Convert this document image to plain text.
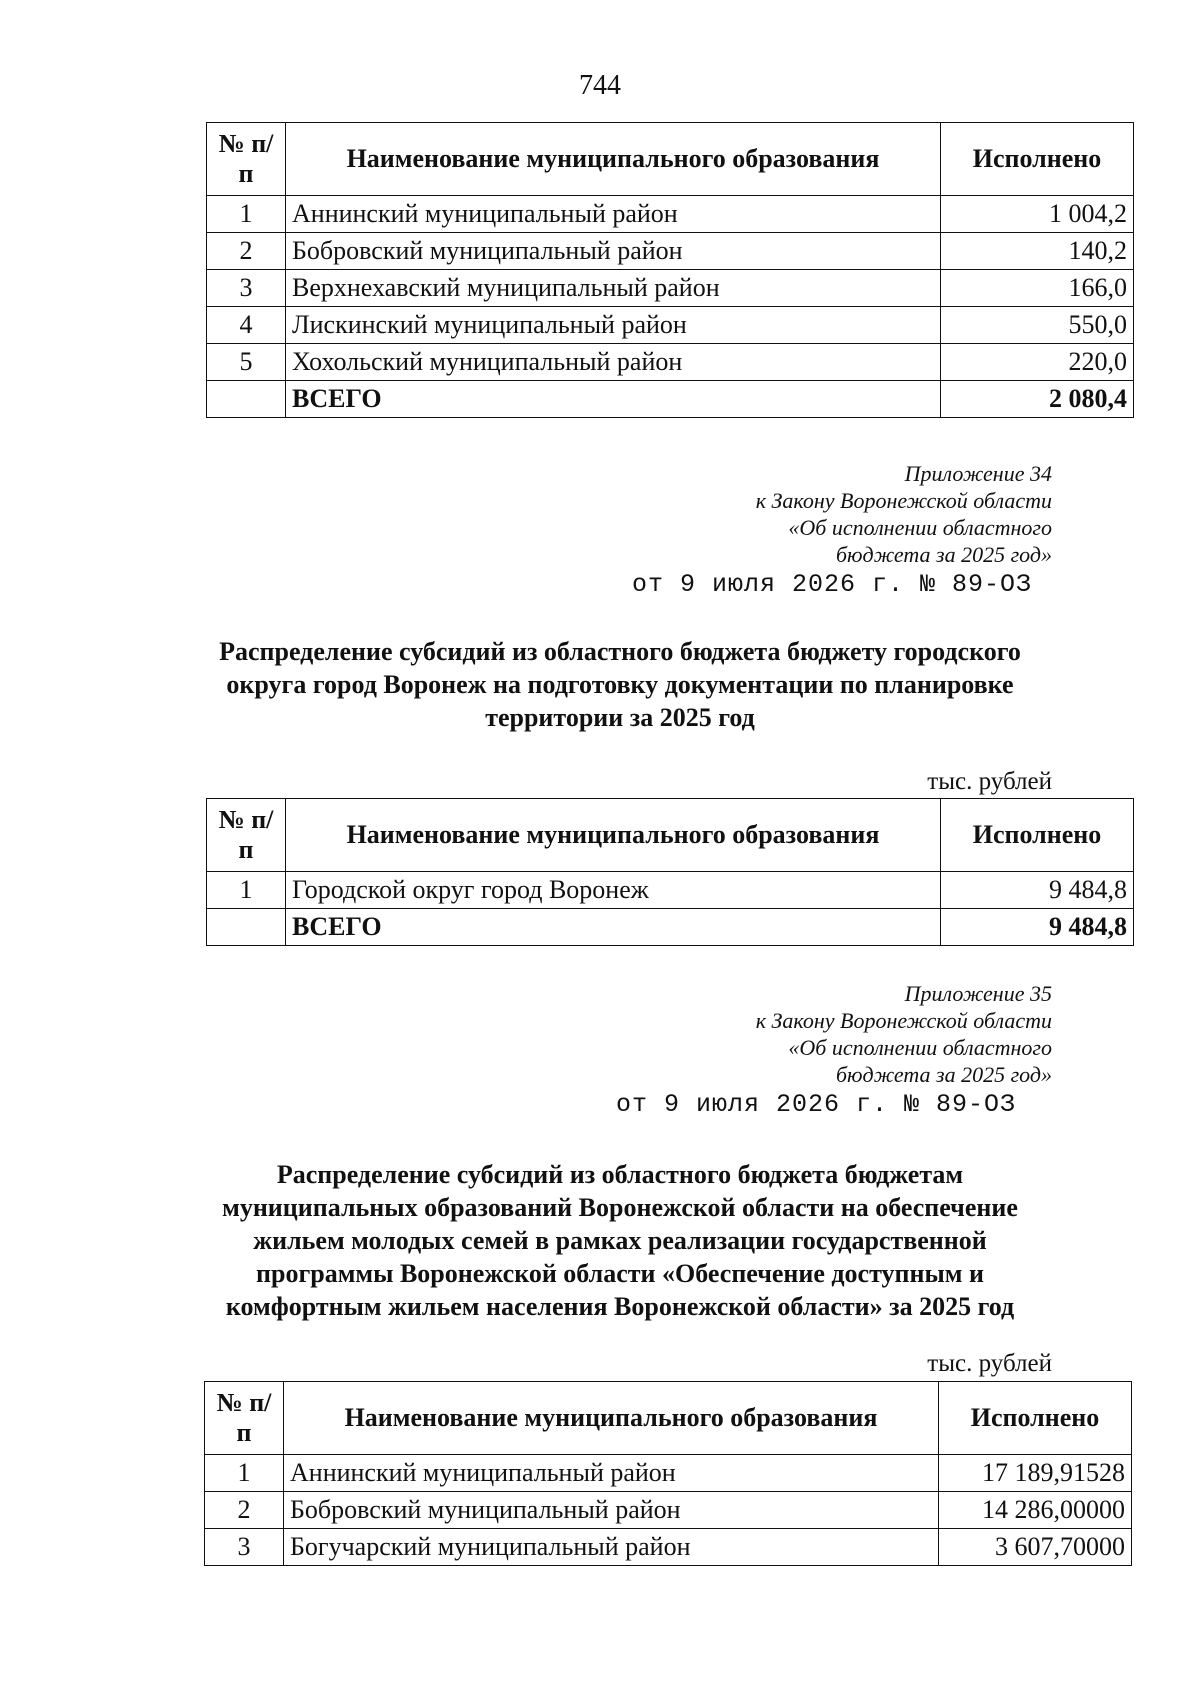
744
№ п/п	Наименование муниципального образования	Исполнено
1	Аннинский муниципальный район	1 004,2
2	Бобровский муниципальный район	140,2
3	Верхнехавский муниципальный район	166,0
4	Лискинский муниципальный район	550,0
5	Хохольский муниципальный район	220,0
	ВСЕГО	2 080,4
Приложение 34
к Закону Воронежской области
«Об исполнении областного
бюджета за 2025 год»
от 9 июля 2026 г. № 89-ОЗ
Распределение субсидий из областного бюджета бюджету городского
округа город Воронеж на подготовку документации по планировке
территории за 2025 год
тыс. рублей
№ п/п	Наименование муниципального образования	Исполнено
1	Городской округ город Воронеж	9 484,8
	ВСЕГО	9 484,8
Приложение 35
к Закону Воронежской области
«Об исполнении областного
бюджета за 2025 год»
от 9 июля 2026 г. № 89-ОЗ
Распределение субсидий из областного бюджета бюджетам
муниципальных образований Воронежской области на обеспечение
жильем молодых семей в рамках реализации государственной
программы Воронежской области «Обеспечение доступным и
комфортным жильем населения Воронежской области» за 2025 год
тыс. рублей
№ п/п	Наименование муниципального образования	Исполнено
1	Аннинский муниципальный район	17 189,91528
2	Бобровский муниципальный район	14 286,00000
3	Богучарский муниципальный район	3 607,70000
